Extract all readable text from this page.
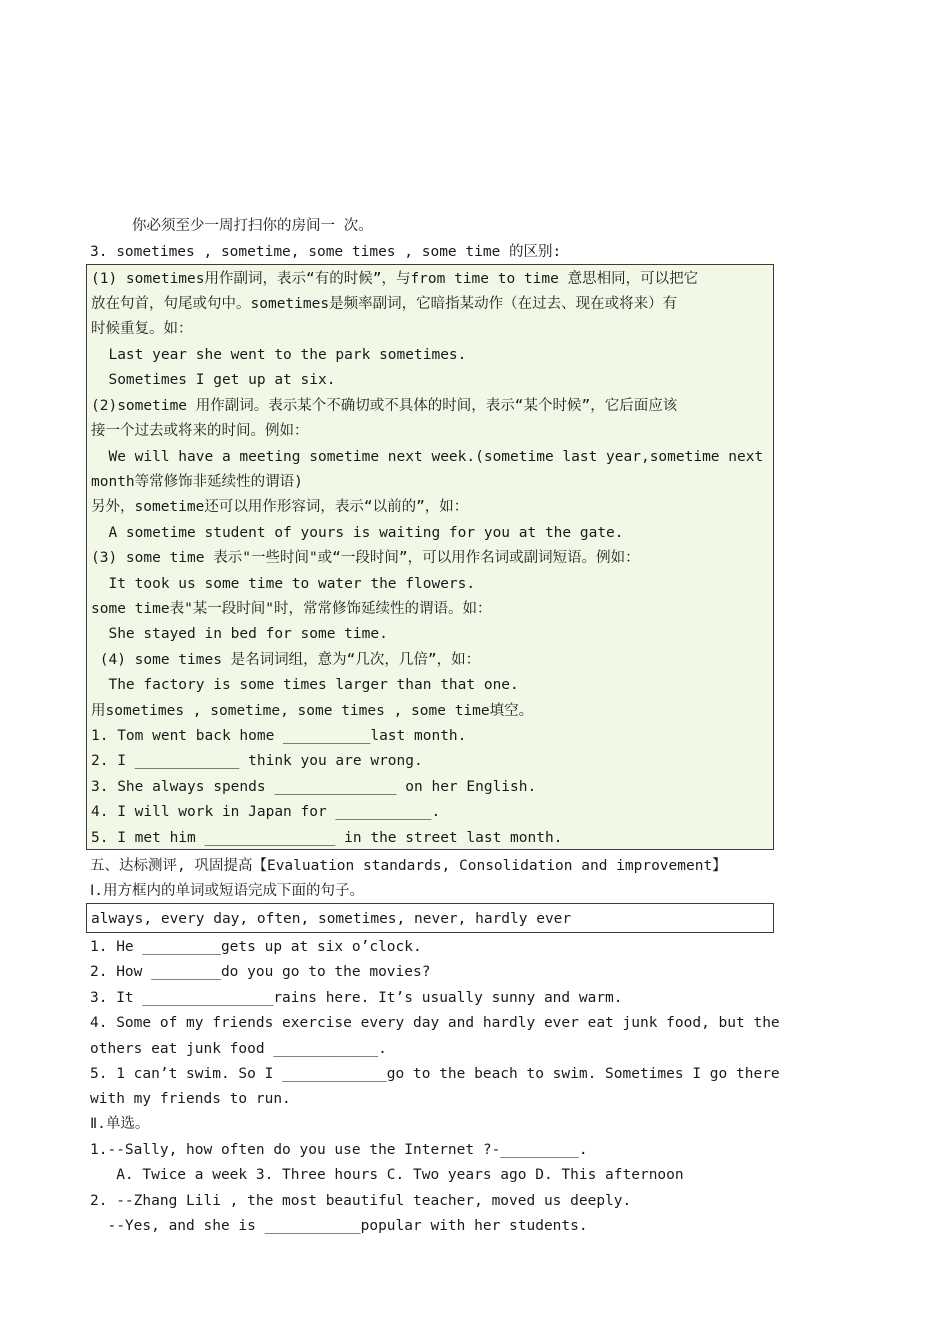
你必须至少一周打扫你的房间一 次。
3. sometimes , sometime, some times , some time 的区别:
(1) sometimes用作副词，表示“有的时候”，与from time to time 意思相同，可以把它
放在句首，句尾或句中。sometimes是频率副词，它暗指某动作（在过去、现在或将来）有
时候重复。如：
Last year she went to the park sometimes.
Sometimes I get up at six.
(2)sometime 用作副词。表示某个不确切或不具体的时间，表示“某个时候”，它后面应该
接一个过去或将来的时间。例如：
We will have a meeting sometime next week.(sometime last year,sometime next
month等常修饰非延续性的谓语)
另外，sometime还可以用作形容词，表示“以前的”，如：
A sometime student of yours is waiting for you at the gate.
(3) some time 表示"一些时间"或“一段时间”，可以用作名词或副词短语。例如：
It took us some time to water the flowers.
some time表"某一段时间"时，常常修饰延续性的谓语。如：
She stayed in bed for some time.
(4) some times 是名词词组，意为“几次，几倍”，如：
The factory is some times larger than that one.
用sometimes , sometime, some times , some time填空。
1. Tom went back home __________last month.
2. I ____________ think you are wrong.
3. She always spends ______________ on her English.
4. I will work in Japan for ___________.
5. I met him _______________ in the street last month.
五、达标测评, 巩固提高【Evaluation standards, Consolidation and improvement】
Ⅰ.用方框内的单词或短语完成下面的句子。
always, every day, often, sometimes, never, hardly ever
1. He _________gets up at six o’clock.
2. How ________do you go to the movies?
3. It _______________rains here. It’s usually sunny and warm.
4. Some of my friends exercise every day and hardly ever eat junk food, but the
others eat junk food ____________.
5. 1 can’t swim. So I ____________go to the beach to swim. Sometimes I go there
with my friends to run.
Ⅱ.单选。
1.--Sally, how often do you use the Internet ?-_________.
A. Twice a week 3. Three hours C. Two years ago D. This afternoon
2. --Zhang Lili , the most beautiful teacher, moved us deeply.
--Yes, and she is ___________popular with her students.
